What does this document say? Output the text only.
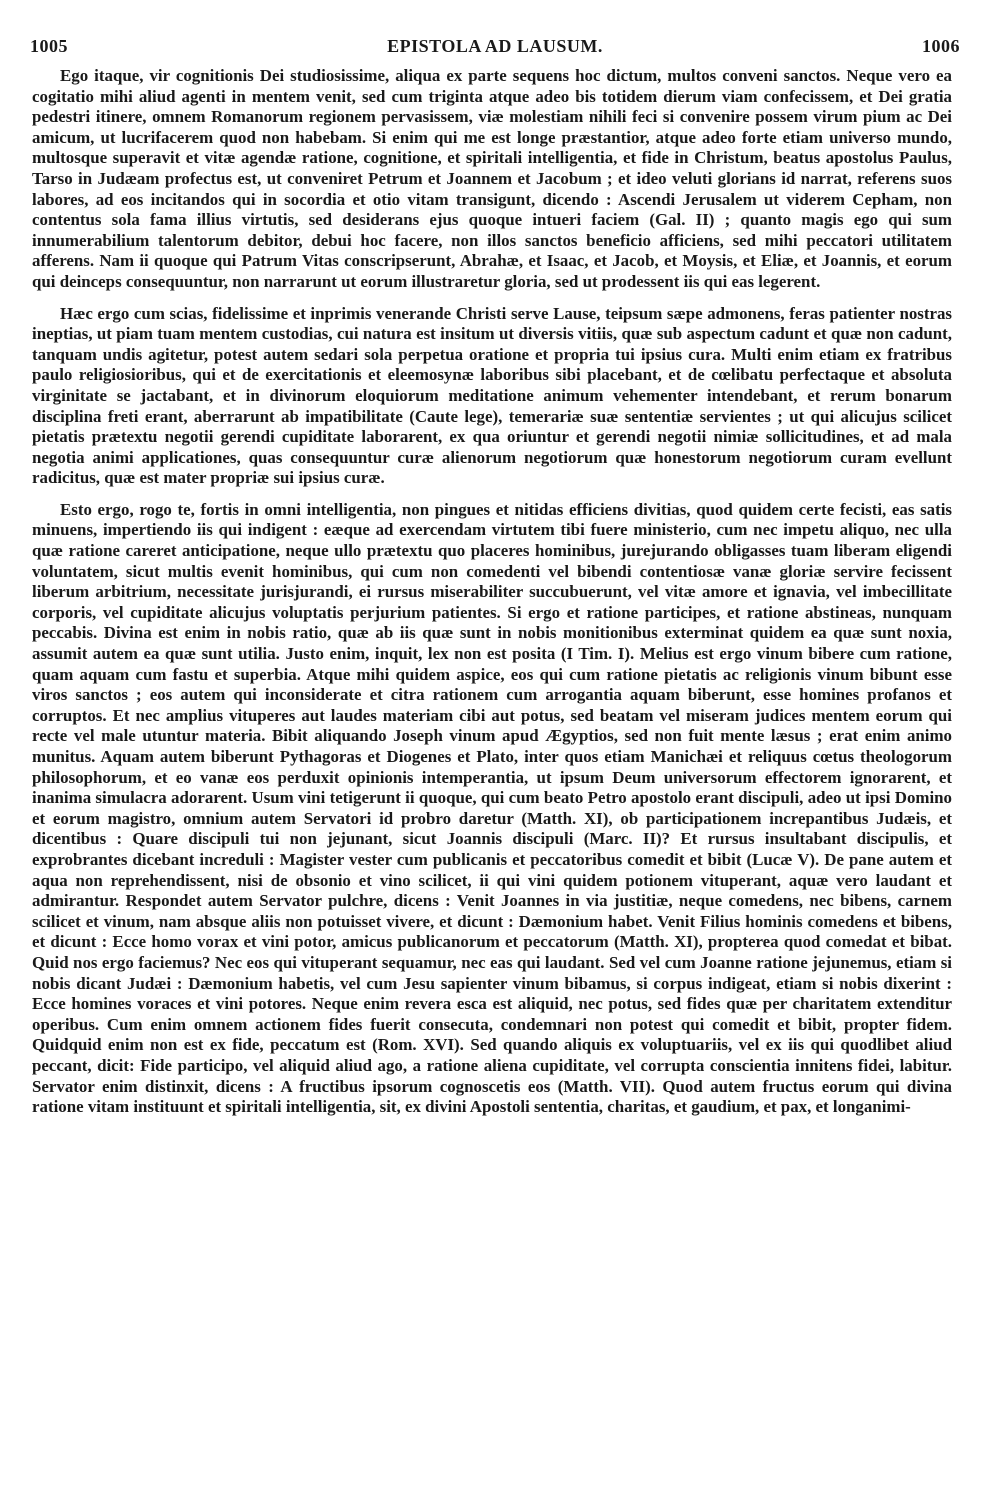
1005	EPISTOLA AD LAUSUM.	1006

Ego itaque, vir cognitionis Dei studiosissime, aliqua ex parte sequens hoc dictum, multos conveni sanctos. Neque vero ea cogitatio mihi aliud agenti in mentem venit, sed cum triginta atque adeo bis totidem dierum viam confecissem, et Dei gratia pedestri itinere, omnem Romanorum regionem pervasissem, viæ molestiam nihili feci si convenire possem virum pium ac Dei amicum, ut lucrifacerem quod non habebam. Si enim qui me est longe præstantior, atque adeo forte etiam universo mundo, multosque superavit et vitæ agendæ ratione, cognitione, et spiritali intelligentia, et fide in Christum, beatus apostolus Paulus, Tarso in Judæam profectus est, ut conveniret Petrum et Joannem et Jacobum ; et ideo veluti glorians id narrat, referens suos labores, ad eos incitandos qui in socordia et otio vitam transigunt, dicendo : Ascendi Jerusalem ut viderem Cepham, non contentus sola fama illius virtutis, sed desiderans ejus quoque intueri faciem (Gal. II) ; quanto magis ego qui sum innumerabilium talentorum debitor, debui hoc facere, non illos sanctos beneficio afficiens, sed mihi peccatori utilitatem afferens. Nam ii quoque qui Patrum Vitas conscripserunt, Abrahæ, et Isaac, et Jacob, et Moysis, et Eliæ, et Joannis, et eorum qui deinceps consequuntur, non narrarunt ut eorum illustraretur gloria, sed ut prodessent iis qui eas legerent.

Hæc ergo cum scias, fidelissime et inprimis venerande Christi serve Lause, teipsum sæpe admonens, feras patienter nostras ineptias, ut piam tuam mentem custodias, cui natura est insitum ut diversis vitiis, quæ sub aspectum cadunt et quæ non cadunt, tanquam undis agitetur, potest autem sedari sola perpetua oratione et propria tui ipsius cura. Multi enim etiam ex fratribus paulo religiosioribus, qui et de exercitationis et eleemosynæ laboribus sibi placebant, et de cœlibatu perfectaque et absoluta virginitate se jactabant, et in divinorum eloquiorum meditatione animum vehementer intendebant, et rerum bonarum disciplina freti erant, aberrarunt ab impatibilitate (Caute lege), temerariæ suæ sententiæ servientes ; ut qui alicujus scilicet pietatis prætextu negotii gerendi cupiditate laborarent, ex qua oriuntur et gerendi negotii nimiæ sollicitudines, et ad mala negotia animi applicationes, quas consequuntur curæ alienorum negotiorum quæ honestorum negotiorum curam evellunt radicitus, quæ est mater propriæ sui ipsius curæ.

Esto ergo, rogo te, fortis in omni intelligentia, non pingues et nitidas efficiens divitias, quod quidem certe fecisti, eas satis minuens, impertiendo iis qui indigent : eæque ad exercendam virtutem tibi fuere ministerio, cum nec impetu aliquo, nec ulla quæ ratione careret anticipatione, neque ullo prætextu quo placeres hominibus, jurejurando obligasses tuam liberam eligendi voluntatem, sicut multis evenit hominibus, qui cum non comedenti vel bibendi contentiosæ vanæ gloriæ servire fecissent liberum arbitrium, necessitate jurisjurandi, ei rursus miserabiliter succubuerunt, vel vitæ amore et ignavia, vel imbecillitate corporis, vel cupiditate alicujus voluptatis perjurium patientes. Si ergo et ratione participes, et ratione abstineas, nunquam peccabis. Divina est enim in nobis ratio, quæ ab iis quæ sunt in nobis monitionibus exterminat quidem ea quæ sunt noxia, assumit autem ea quæ sunt utilia. Justo enim, inquit, lex non est posita (I Tim. I). Melius est ergo vinum bibere cum ratione, quam aquam cum fastu et superbia. Atque mihi quidem aspice, eos qui cum ratione pietatis ac religionis vinum bibunt esse viros sanctos ; eos autem qui inconsiderate et citra rationem cum arrogantia aquam biberunt, esse homines profanos et corruptos. Et nec amplius vituperes aut laudes materiam cibi aut potus, sed beatam vel miseram judices mentem eorum qui recte vel male utuntur materia. Bibit aliquando Joseph vinum apud Ægyptios, sed non fuit mente læsus ; erat enim animo munitus. Aquam autem biberunt Pythagoras et Diogenes et Plato, inter quos etiam Manichæi et reliquus cœtus theologorum philosophorum, et eo vanæ eos perduxit opinionis intemperantia, ut ipsum Deum universorum effectorem ignorarent, et inanima simulacra adorarent. Usum vini tetigerunt ii quoque, qui cum beato Petro apostolo erant discipuli, adeo ut ipsi Domino et eorum magistro, omnium autem Servatori id probro daretur (Matth. XI), ob participationem increpantibus Judæis, et dicentibus : Quare discipuli tui non jejunant, sicut Joannis discipuli (Marc. II)? Et rursus insultabant discipulis, et exprobrantes dicebant increduli : Magister vester cum publicanis et peccatoribus comedit et bibit (Lucæ V). De pane autem et aqua non reprehendissent, nisi de obsonio et vino scilicet, ii qui vini quidem potionem vituperant, aquæ vero laudant et admirantur. Respondet autem Servator pulchre, dicens : Venit Joannes in via justitiæ, neque comedens, nec bibens, carnem scilicet et vinum, nam absque aliis non potuisset vivere, et dicunt : Dæmonium habet. Venit Filius hominis comedens et bibens, et dicunt : Ecce homo vorax et vini potor, amicus publicanorum et peccatorum (Matth. XI), propterea quod comedat et bibat. Quid nos ergo faciemus? Nec eos qui vituperant sequamur, nec eas qui laudant. Sed vel cum Joanne ratione jejunemus, etiam si nobis dicant Judæi : Dæmonium habetis, vel cum Jesu sapienter vinum bibamus, si corpus indigeat, etiam si nobis dixerint : Ecce homines voraces et vini potores. Neque enim revera esca est aliquid, nec potus, sed fides quæ per charitatem extenditur operibus. Cum enim omnem actionem fides fuerit consecuta, condemnari non potest qui comedit et bibit, propter fidem. Quidquid enim non est ex fide, peccatum est (Rom. XVI). Sed quando aliquis ex voluptuariis, vel ex iis qui quodlibet aliud peccant, dicit: Fide participo, vel aliquid aliud ago, a ratione aliena cupiditate, vel corrupta conscientia innitens fidei, labitur. Servator enim distinxit, dicens : A fructibus ipsorum cognoscetis eos (Matth. VII). Quod autem fructus eorum qui divina ratione vitam instituunt et spiritali intelligentia, sit, ex divini Apostoli sententia, charitas, et gaudium, et pax, et longanimi-
